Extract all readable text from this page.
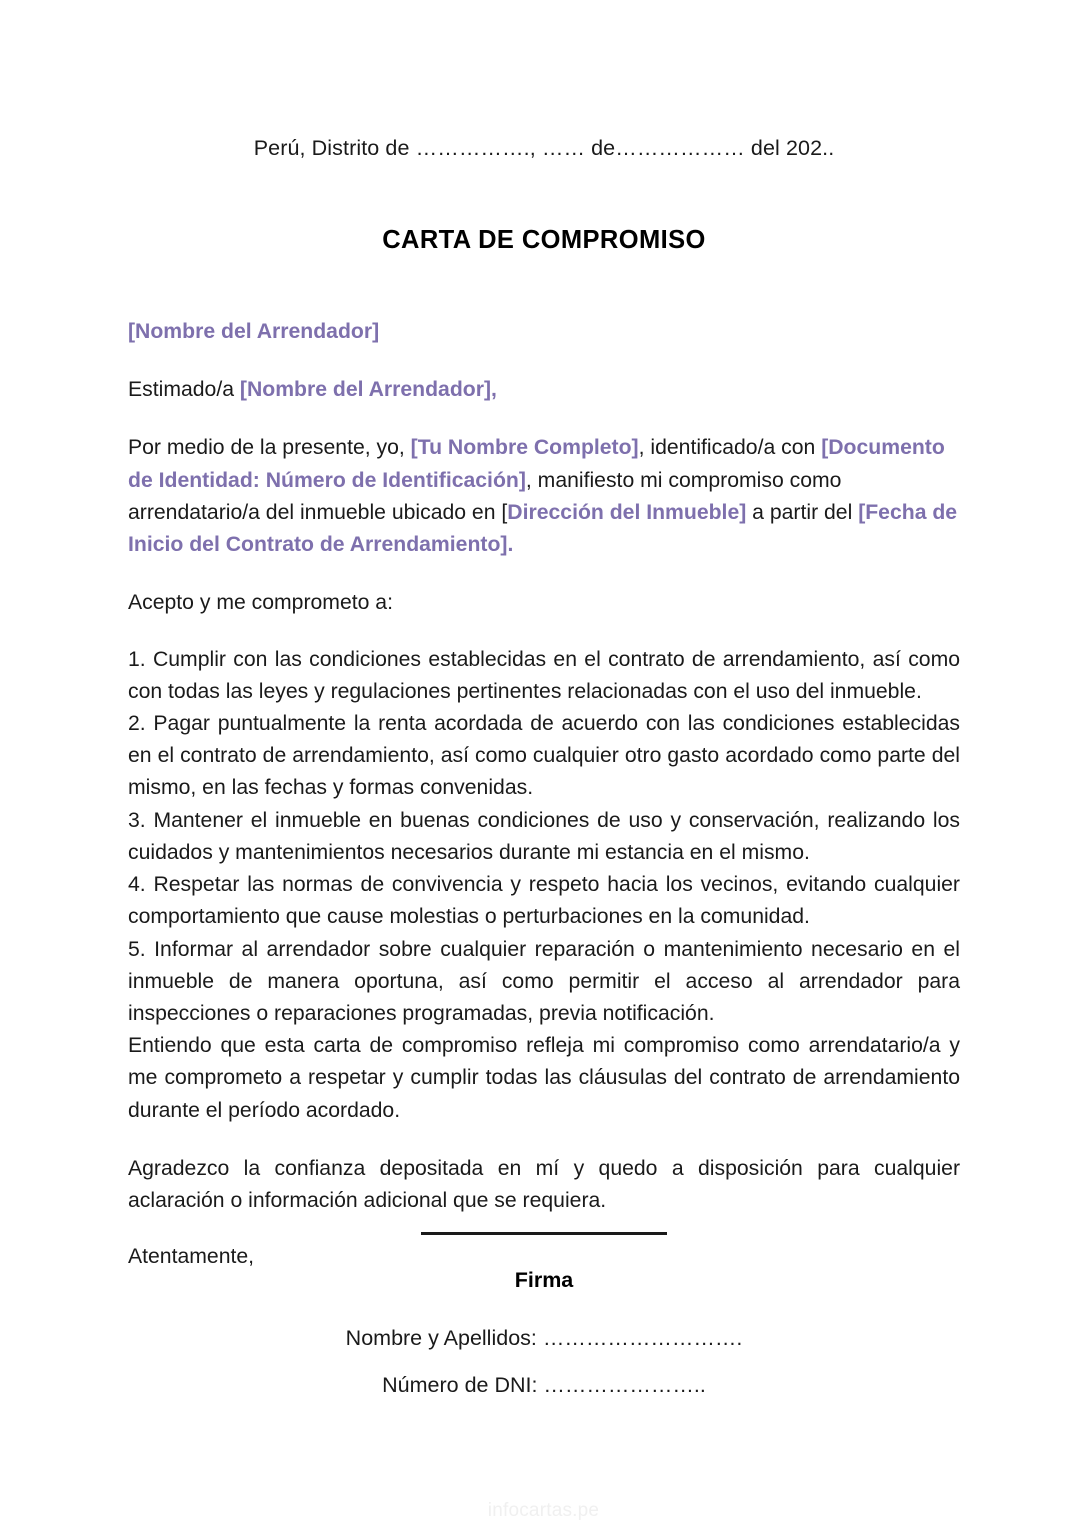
Perú, Distrito de ……………., …… de……………… del 202..
CARTA DE COMPROMISO

[Nombre del Arrendador]

Estimado/a [Nombre del Arrendador],

Por medio de la presente, yo, [Tu Nombre Completo], identificado/a con [Documento de Identidad: Número de Identificación], manifiesto mi compromiso como arrendatario/a del inmueble ubicado en [Dirección del Inmueble] a partir del [Fecha de Inicio del Contrato de Arrendamiento].

Acepto y me comprometo a:

1. Cumplir con las condiciones establecidas en el contrato de arrendamiento, así como con todas las leyes y regulaciones pertinentes relacionadas con el uso del inmueble.

2. Pagar puntualmente la renta acordada de acuerdo con las condiciones establecidas en el contrato de arrendamiento, así como cualquier otro gasto acordado como parte del mismo, en las fechas y formas convenidas.

3. Mantener el inmueble en buenas condiciones de uso y conservación, realizando los cuidados y mantenimientos necesarios durante mi estancia en el mismo.

4. Respetar las normas de convivencia y respeto hacia los vecinos, evitando cualquier comportamiento que cause molestias o perturbaciones en la comunidad.

5. Informar al arrendador sobre cualquier reparación o mantenimiento necesario en el inmueble de manera oportuna, así como permitir el acceso al arrendador para inspecciones o reparaciones programadas, previa notificación.

Entiendo que esta carta de compromiso refleja mi compromiso como arrendatario/a y me comprometo a respetar y cumplir todas las cláusulas del contrato de arrendamiento durante el período acordado.

Agradezco la confianza depositada en mí y quedo a disposición para cualquier aclaración o información adicional que se requiera.

Atentamente,

Firma
Nombre y Apellidos: ……………………….
Número de DNI: …………………..
infocartas.pe
